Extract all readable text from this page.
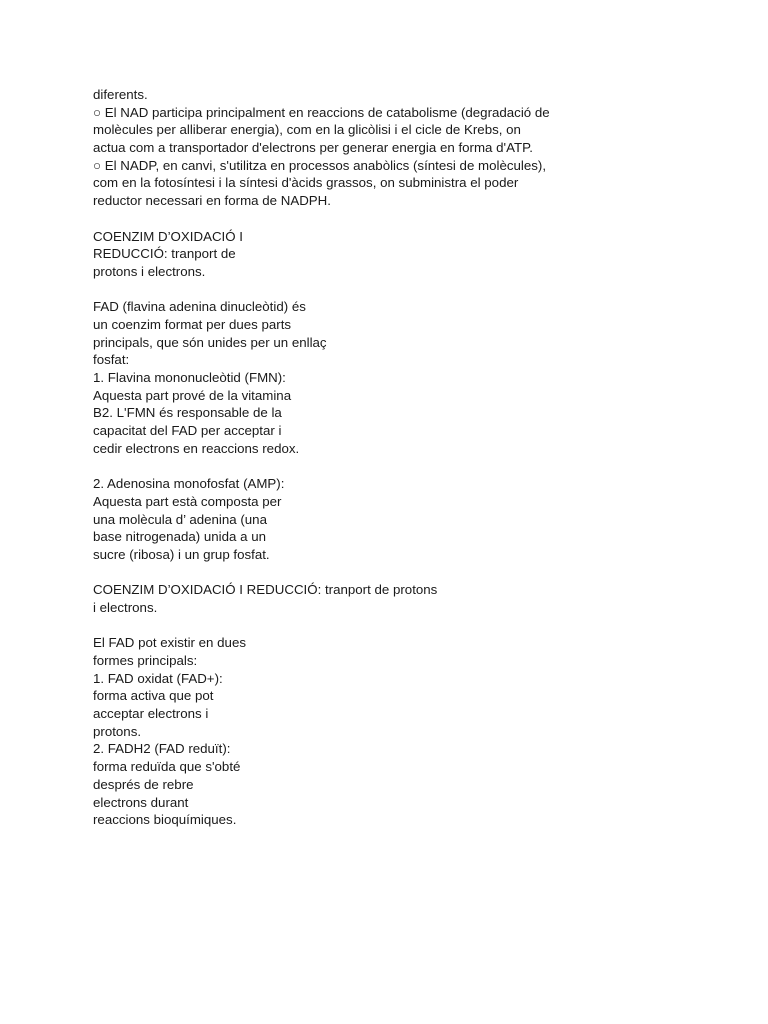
diferents.
○ El NAD participa principalment en reaccions de catabolisme (degradació de
molècules per alliberar energia), com en la glicòlisi i el cicle de Krebs, on
actua com a transportador d'electrons per generar energia en forma d'ATP.
○ El NADP, en canvi, s'utilitza en processos anabòlics (síntesi de molècules),
com en la fotosíntesi i la síntesi d'àcids grassos, on subministra el poder
reductor necessari en forma de NADPH.
COENZIM D’OXIDACIÓ I
REDUCCIÓ: tranport de
protons i electrons.
FAD (flavina adenina dinucleòtid) és
un coenzim format per dues parts
principals, que són unides per un enllaç
fosfat:
1. Flavina mononucleòtid (FMN):
Aquesta part prové de la vitamina
B2. L'FMN és responsable de la
capacitat del FAD per acceptar i
cedir electrons en reaccions redox.
2. Adenosina monofosfat (AMP):
Aquesta part està composta per
una molècula d’ adenina (una
base nitrogenada) unida a un
sucre (ribosa) i un grup fosfat.
COENZIM D’OXIDACIÓ I REDUCCIÓ: tranport de protons
i electrons.
El FAD pot existir en dues
formes principals:
1. FAD oxidat (FAD+):
forma activa que pot
acceptar electrons i
protons.
2. FADH2 (FAD reduït):
forma reduïda que s'obté
després de rebre
electrons durant
reaccions bioquímiques.
